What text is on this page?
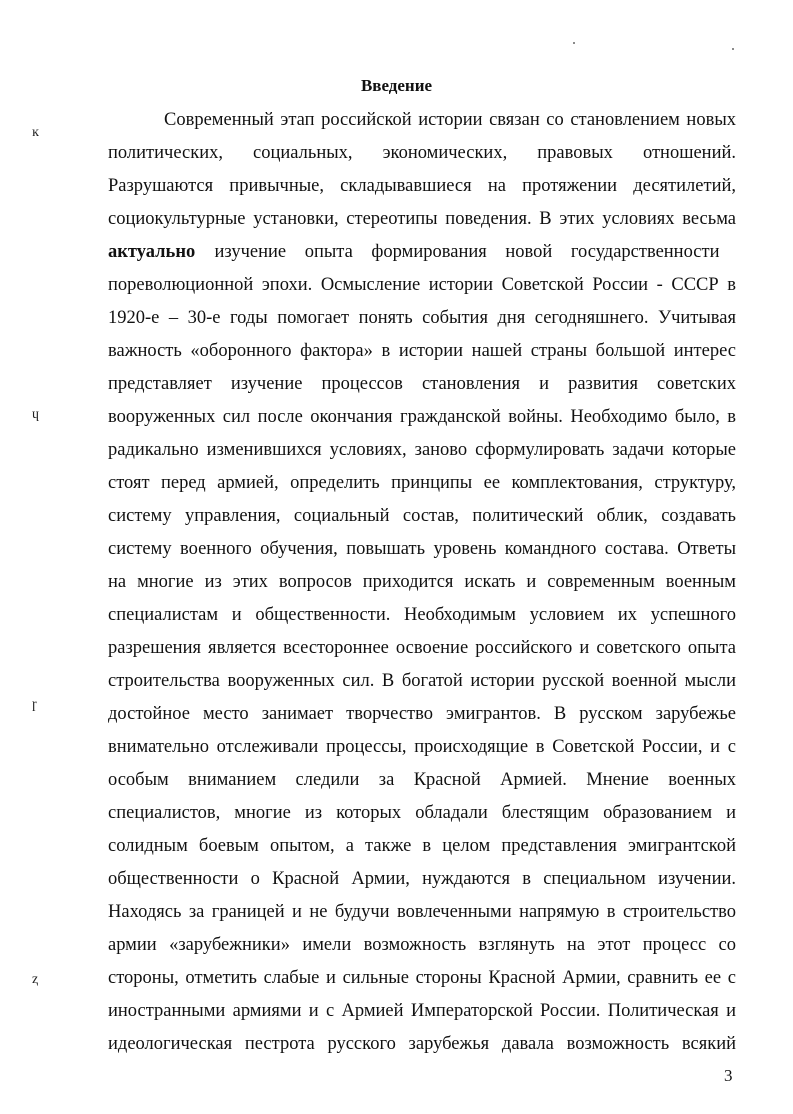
Введение
Современный этап российской истории связан со становлением новых
политических, социальных, экономических, правовых отношений.
Разрушаются привычные, складывавшиеся на протяжении десятилетий,
социокультурные установки, стереотипы поведения. В этих условиях весьма
актуально изучение опыта формирования новой государственности
пореволюционной эпохи. Осмысление истории Советской России - СССР в
1920-е – 30-е годы помогает понять события дня сегодняшнего. Учитывая
важность «оборонного фактора» в истории нашей страны большой интерес
представляет изучение процессов становления и развития советских
вооруженных сил после окончания гражданской войны. Необходимо было, в
радикально изменившихся условиях, заново сформулировать задачи которые
стоят перед армией, определить принципы ее комплектования, структуру,
систему управления, социальный состав, политический облик, создавать
систему военного обучения, повышать уровень командного состава. Ответы
на многие из этих вопросов приходится искать и современным военным
специалистам и общественности. Необходимым условием их успешного
разрешения является всестороннее освоение российского и советского опыта
строительства вооруженных сил. В богатой истории русской военной мысли
достойное место занимает творчество эмигрантов. В русском зарубежье
внимательно отслеживали процессы, происходящие в Советской России, и с
особым вниманием следили за Красной Армией. Мнение военных
специалистов, многие из которых обладали блестящим образованием и
солидным боевым опытом, а также в целом представления эмигрантской
общественности о Красной Армии, нуждаются в специальном изучении.
Находясь за границей и не будучи вовлеченными напрямую в строительство
армии «зарубежники» имели возможность взглянуть на этот процесс со
стороны, отметить слабые и сильные стороны Красной Армии, сравнить ее с
иностранными армиями и с Армией Императорской России. Политическая и
идеологическая пестрота русского зарубежья давала возможность всякий
ĸ
ɥ
ɼ
ⱬ
3
